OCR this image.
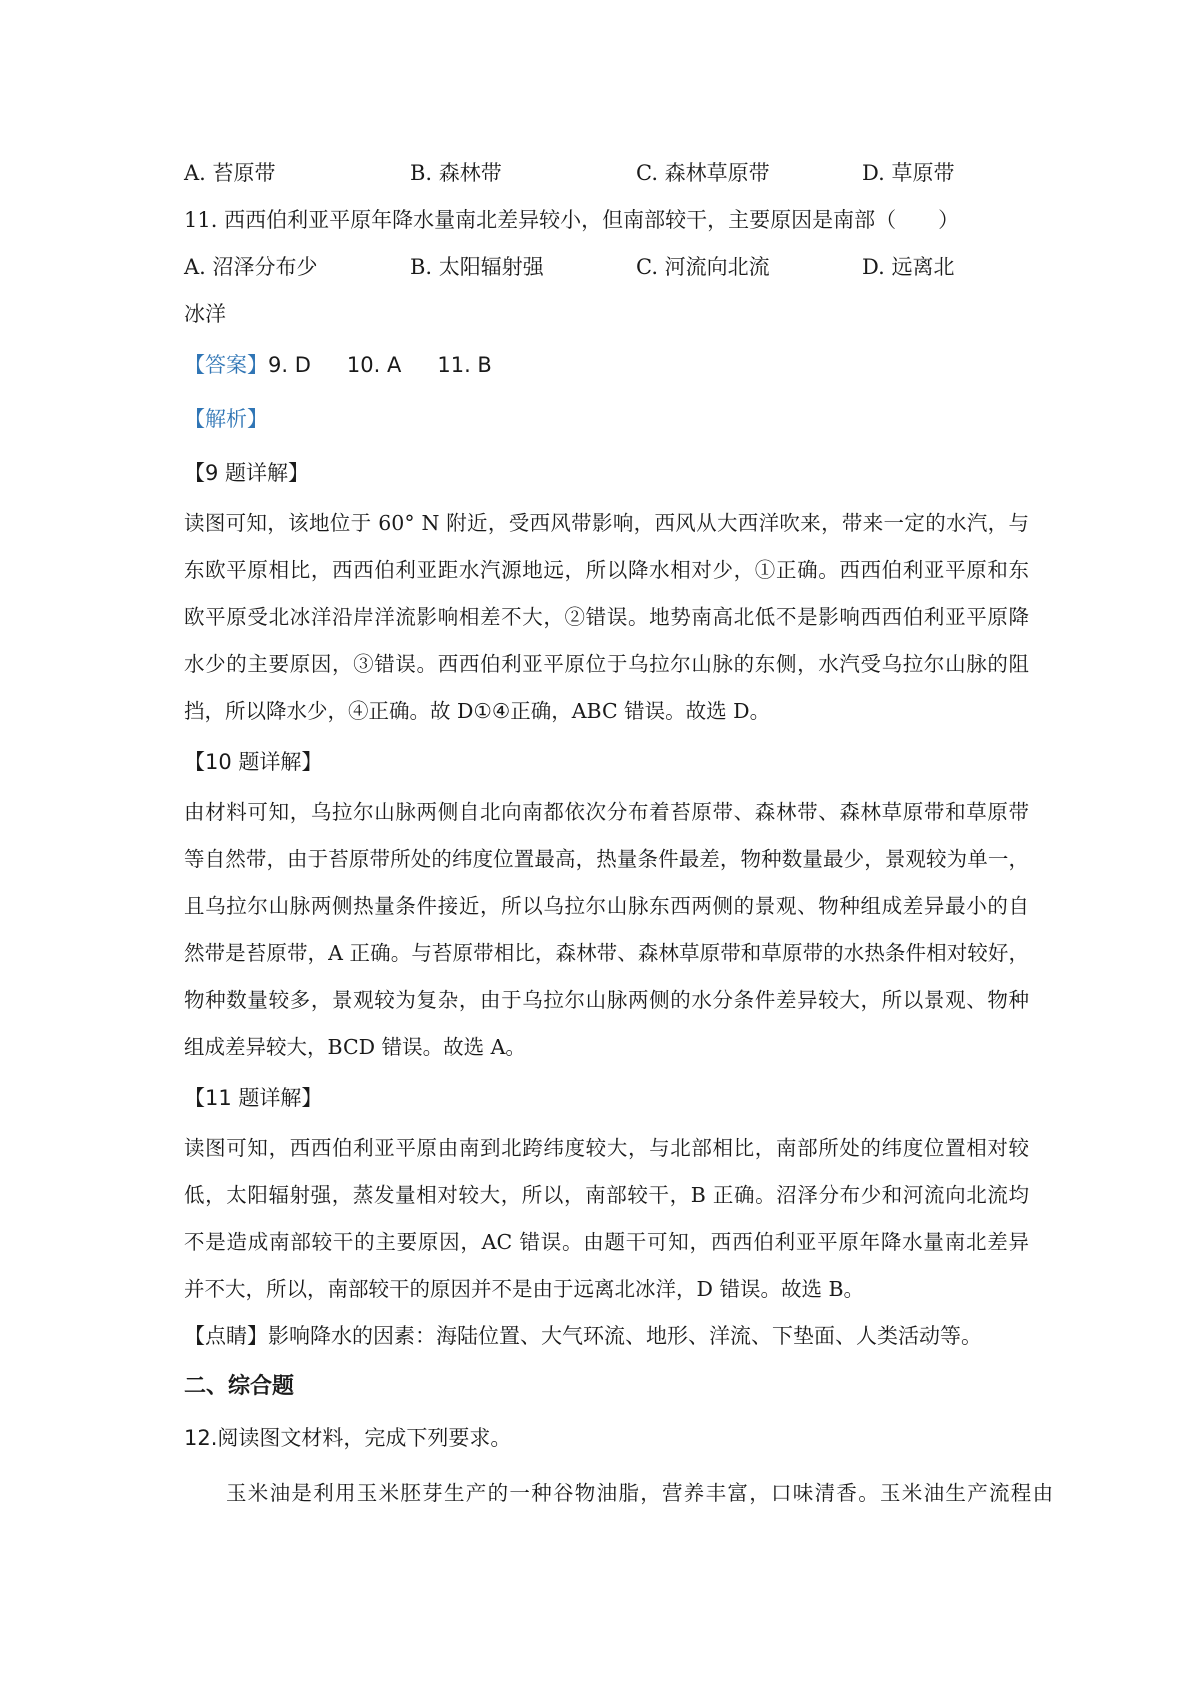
A. 苔原带	B. 森林带	C. 森林草原带	D. 草原带
11. 西西伯利亚平原年降水量南北差异较小，但南部较干，主要原因是南部（　　）
A. 沼泽分布少	B. 太阳辐射强	C. 河流向北流	D. 远离北
冰洋
【答案】9. D 10. A 11. B
【解析】
【9 题详解】
读图可知，该地位于 60° N 附近，受西风带影响，西风从大西洋吹来，带来一定的水汽，与
东欧平原相比，西西伯利亚距水汽源地远，所以降水相对少，①正确。西西伯利亚平原和东
欧平原受北冰洋沿岸洋流影响相差不大，②错误。地势南高北低不是影响西西伯利亚平原降
水少的主要原因，③错误。西西伯利亚平原位于乌拉尔山脉的东侧，水汽受乌拉尔山脉的阻
挡，所以降水少，④正确。故 D①④正确，ABC 错误。故选 D。
【10 题详解】
由材料可知，乌拉尔山脉两侧自北向南都依次分布着苔原带、森林带、森林草原带和草原带
等自然带，由于苔原带所处的纬度位置最高，热量条件最差，物种数量最少，景观较为单一，
且乌拉尔山脉两侧热量条件接近，所以乌拉尔山脉东西两侧的景观、物种组成差异最小的自
然带是苔原带，A 正确。与苔原带相比，森林带、森林草原带和草原带的水热条件相对较好，
物种数量较多，景观较为复杂，由于乌拉尔山脉两侧的水分条件差异较大，所以景观、物种
组成差异较大，BCD 错误。故选 A。
【11 题详解】
读图可知，西西伯利亚平原由南到北跨纬度较大，与北部相比，南部所处的纬度位置相对较
低，太阳辐射强，蒸发量相对较大，所以，南部较干，B 正确。沼泽分布少和河流向北流均
不是造成南部较干的主要原因，AC 错误。由题干可知，西西伯利亚平原年降水量南北差异
并不大，所以，南部较干的原因并不是由于远离北冰洋，D 错误。故选 B。
【点睛】影响降水的因素：海陆位置、大气环流、地形、洋流、下垫面、人类活动等。
二、综合题
12.阅读图文材料，完成下列要求。
玉米油是利用玉米胚芽生产的一种谷物油脂，营养丰富，口味清香。玉米油生产流程由
